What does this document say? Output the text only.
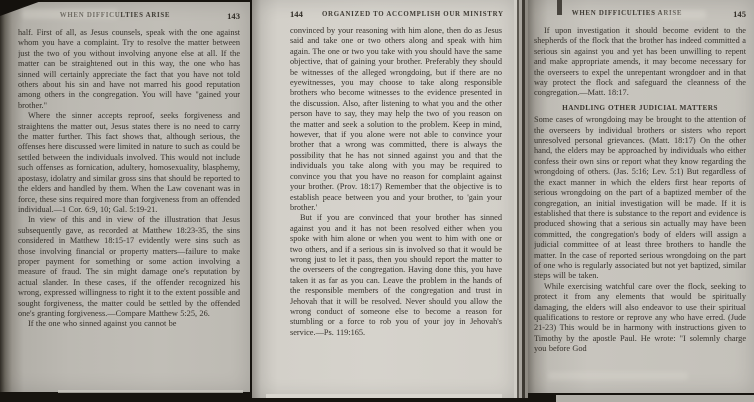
WHEN DIFFICULTIES ARISE	143

half. First of all, as Jesus counsels, speak with the one against whom you have a complaint. Try to resolve the matter between just the two of you without involving anyone else at all. If the matter can be straightened out in this way, the one who has sinned will certainly appreciate the fact that you have not told others about his sin and have not marred his good reputation among others in the congregation. You will have "gained your brother."

Where the sinner accepts reproof, seeks forgiveness and straightens the matter out, Jesus states there is no need to carry the matter further. This fact shows that, although serious, the offenses here discussed were limited in nature to such as could be settled between the individuals involved. This would not include such offenses as fornication, adultery, homosexuality, blasphemy, apostasy, idolatry and similar gross sins that should be reported to the elders and handled by them. When the Law covenant was in force, these sins required more than forgiveness from an offended individual.—1 Cor. 6:9, 10; Gal. 5:19-21.

In view of this and in view of the illustration that Jesus subsequently gave, as recorded at Matthew 18:23-35, the sins considered in Matthew 18:15-17 evidently were sins such as those involving financial or property matters—failure to make proper payment for something or some action involving a measure of fraud. The sin might damage one's reputation by actual slander. In these cases, if the offender recognized his wrong, expressed willingness to right it to the extent possible and sought forgiveness, the matter could be settled by the offended one's granting forgiveness.—Compare Matthew 5:25, 26.

If the one who sinned against you cannot be

144	ORGANIZED TO ACCOMPLISH OUR MINISTRY

convinced by your reasoning with him alone, then do as Jesus said and take one or two others along and speak with him again. The one or two you take with you should have the same objective, that of gaining your brother. Preferably they should be witnesses of the alleged wrongdoing, but if there are no eyewitnesses, you may choose to take along responsible brothers who become witnesses to the evidence presented in the discussion. Also, after listening to what you and the other person have to say, they may help the two of you reason on the matter and seek a solution to the problem. Keep in mind, however, that if you alone were not able to convince your brother that a wrong was committed, there is always the possibility that he has not sinned against you and that the individuals you take along with you may be required to convince you that you have no reason for complaint against your brother. (Prov. 18:17) Remember that the objective is to establish peace between you and your brother, to 'gain your brother.'

But if you are convinced that your brother has sinned against you and it has not been resolved either when you spoke with him alone or when you went to him with one or two others, and if a serious sin is involved so that it would be wrong just to let it pass, then you should report the matter to the overseers of the congregation. Having done this, you have taken it as far as you can. Leave the problem in the hands of the responsible members of the congregation and trust in Jehovah that it will be resolved. Never should you allow the wrong conduct of someone else to become a reason for stumbling or a force to rob you of your joy in Jehovah's service.—Ps. 119:165.

WHEN DIFFICULTIES ARISE	145

If upon investigation it should become evident to the shepherds of the flock that the brother has indeed committed a serious sin against you and yet has been unwilling to repent and make appropriate amends, it may become necessary for the overseers to expel the unrepentant wrongdoer and in that way protect the flock and safeguard the cleanness of the congregation.—Matt. 18:17.

HANDLING OTHER JUDICIAL MATTERS

Some cases of wrongdoing may be brought to the attention of the overseers by individual brothers or sisters who report unresolved personal grievances. (Matt. 18:17) On the other hand, the elders may be approached by individuals who either confess their own sins or report what they know regarding the wrongdoing of others. (Jas. 5:16; Lev. 5:1) But regardless of the exact manner in which the elders first hear reports of serious wrongdoing on the part of a baptized member of the congregation, an initial investigation will be made. If it is established that there is substance to the report and evidence is produced showing that a serious sin actually may have been committed, the congregation's body of elders will assign a judicial committee of at least three brothers to handle the matter. In the case of reported serious wrongdoing on the part of one who is regularly associated but not yet baptized, similar steps will be taken.

While exercising watchful care over the flock, seeking to protect it from any elements that would be spiritually damaging, the elders will also endeavor to use their spiritual qualifications to restore or reprove any who have erred. (Jude 21-23) This would be in harmony with instructions given to Timothy by the apostle Paul. He wrote: "I solemnly charge you before God
